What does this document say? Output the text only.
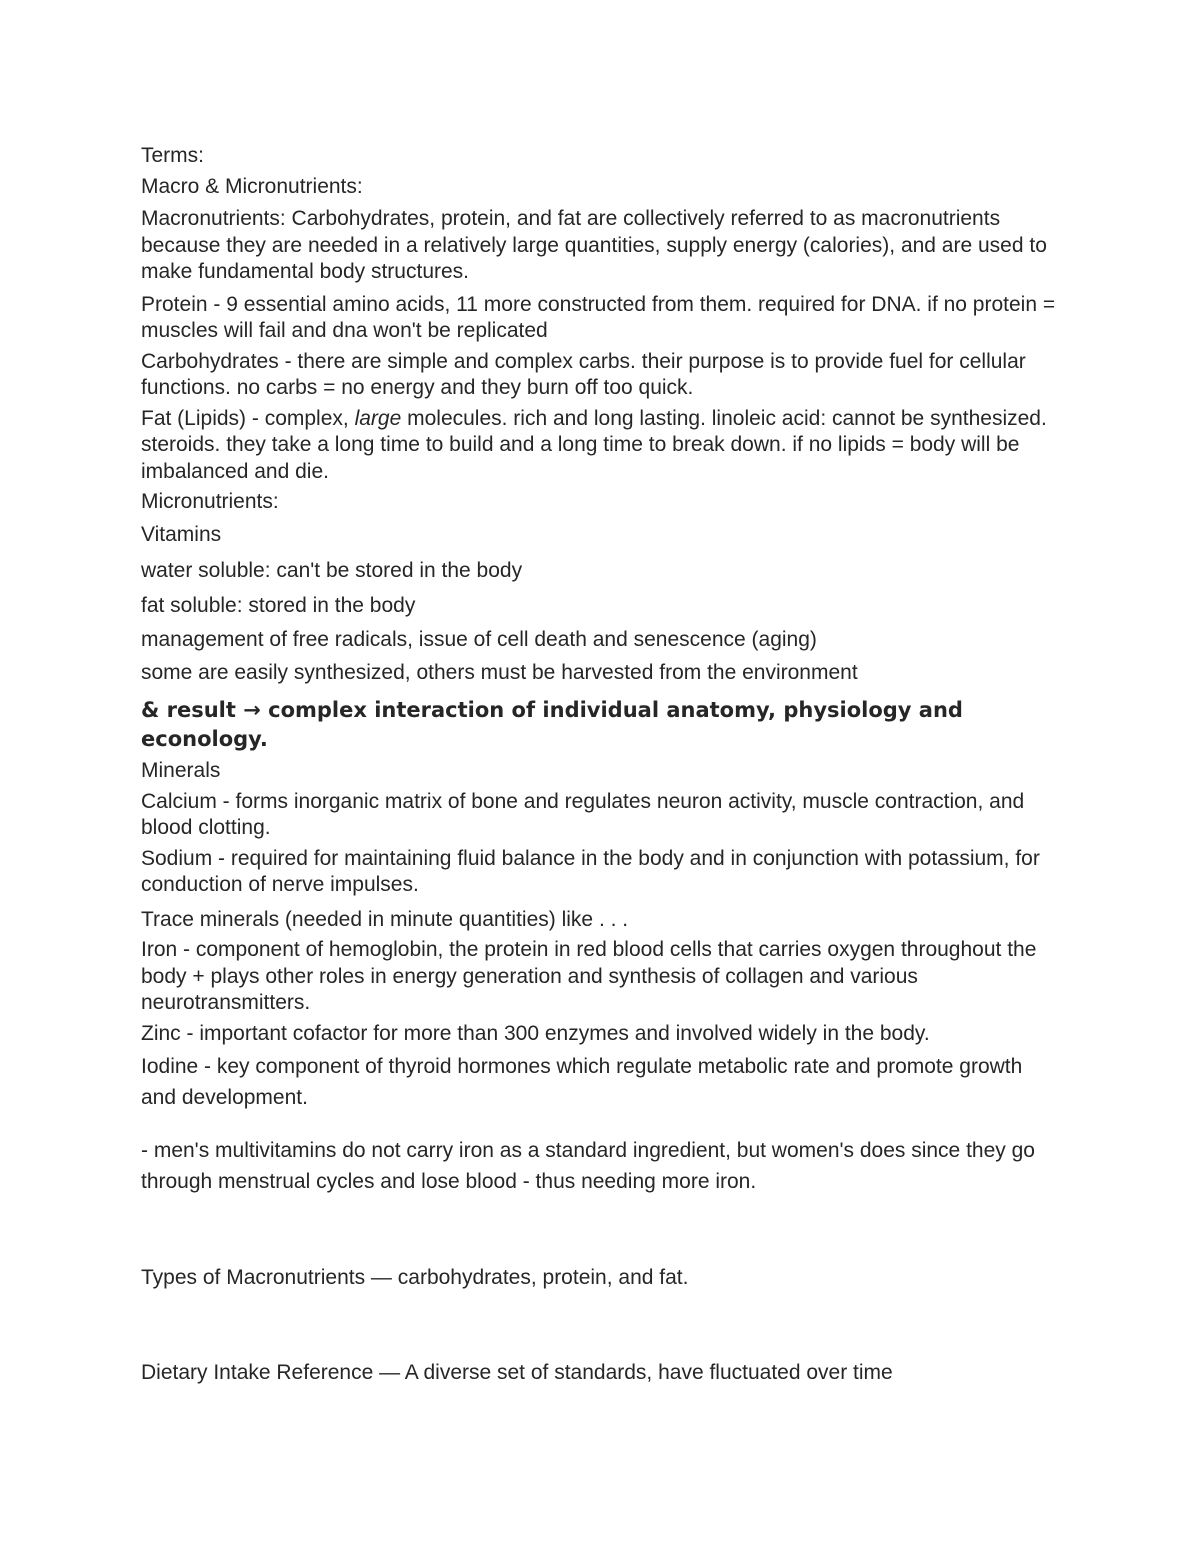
Terms:

Macro & Micronutrients:

Macronutrients: Carbohydrates, protein, and fat are collectively referred to as macronutrients because they are needed in a relatively large quantities, supply energy (calories), and are used to make fundamental body structures.

Protein - 9 essential amino acids, 11 more constructed from them. required for DNA. if no protein = muscles will fail and dna won't be replicated

Carbohydrates - there are simple and complex carbs. their purpose is to provide fuel for cellular functions. no carbs = no energy and they burn off too quick.

Fat (Lipids) - complex, large molecules. rich and long lasting. linoleic acid: cannot be synthesized. steroids. they take a long time to build and a long time to break down. if no lipids = body will be imbalanced and die.

Micronutrients:

Vitamins

water soluble: can't be stored in the body

fat soluble: stored in the body

management of free radicals, issue of cell death and senescence (aging)

some are easily synthesized, others must be harvested from the environment

& result → complex interaction of individual anatomy, physiology and econology.

Minerals

Calcium - forms inorganic matrix of bone and regulates neuron activity, muscle contraction, and blood clotting.

Sodium - required for maintaining fluid balance in the body and in conjunction with potassium, for conduction of nerve impulses.

Trace minerals (needed in minute quantities) like . . .

Iron - component of hemoglobin, the protein in red blood cells that carries oxygen throughout the body + plays other roles in energy generation and synthesis of collagen and various neurotransmitters.

Zinc - important cofactor for more than 300 enzymes and involved widely in the body.

Iodine - key component of thyroid hormones which regulate metabolic rate and promote growth and development.

- men's multivitamins do not carry iron as a standard ingredient, but women's does since they go through menstrual cycles and lose blood - thus needing more iron.

Types of Macronutrients — carbohydrates, protein, and fat.

Dietary Intake Reference — A diverse set of standards, have fluctuated over time
